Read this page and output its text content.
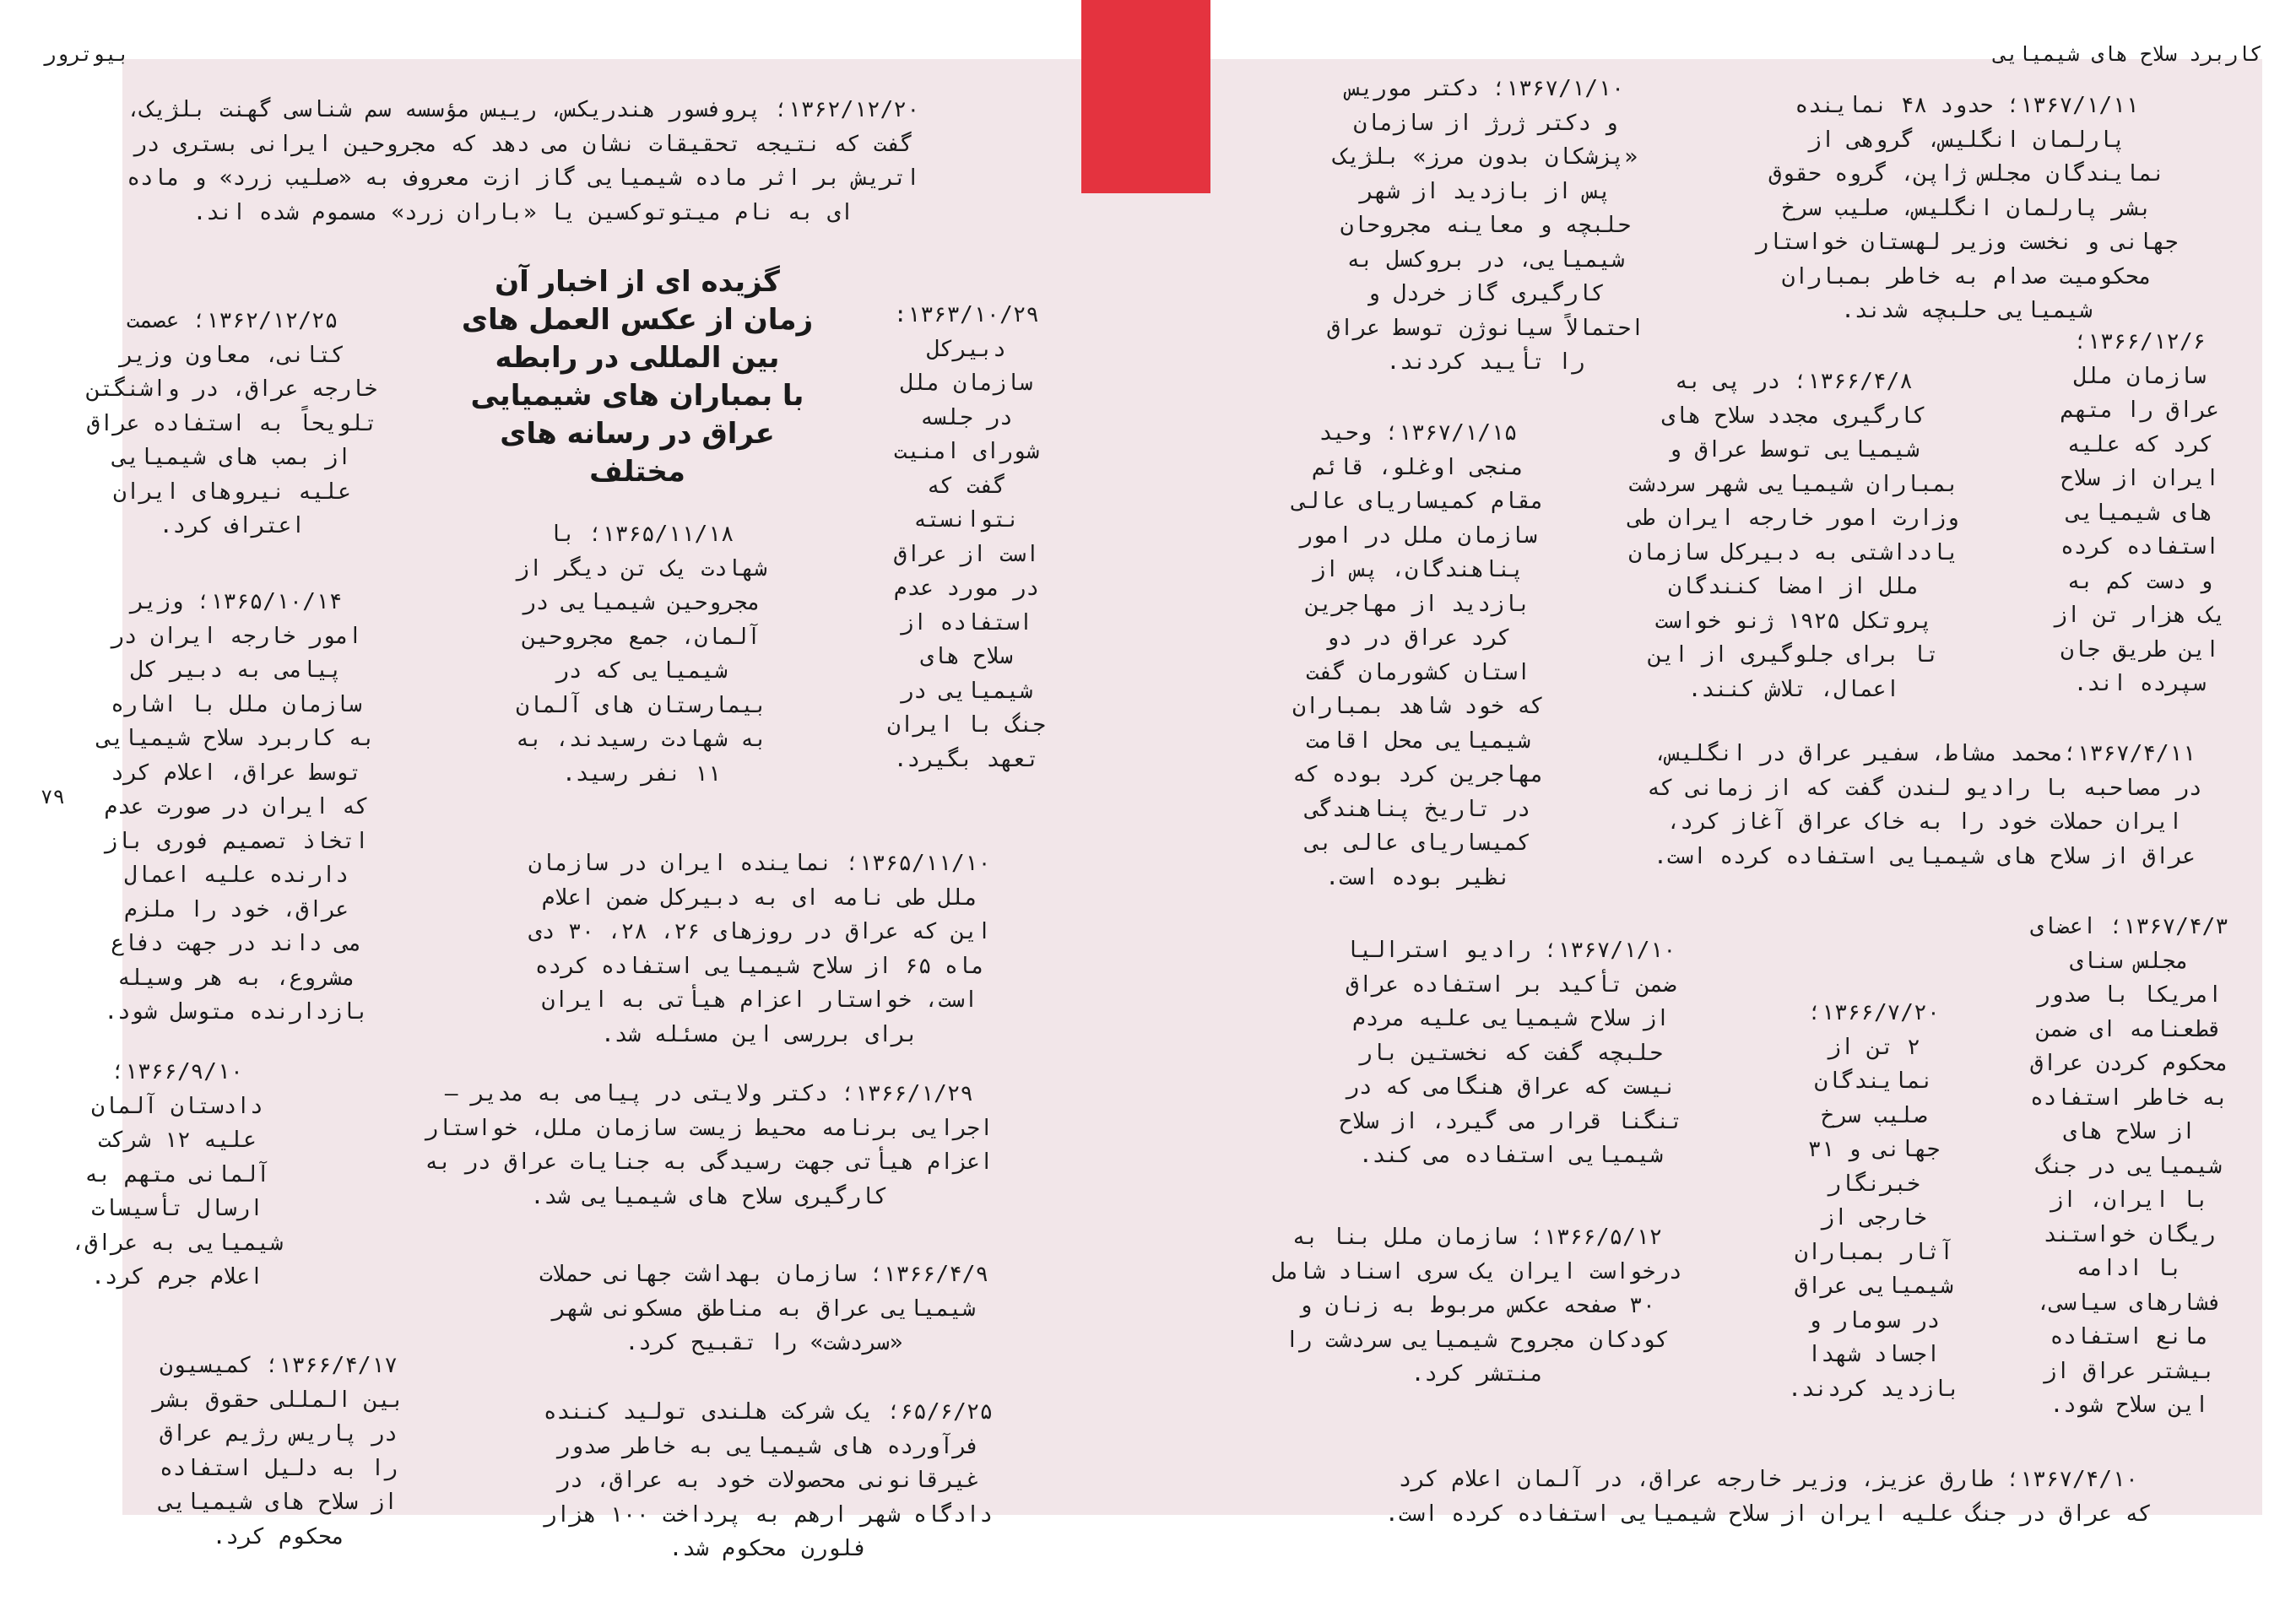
بیوترور	کاربرد سلاح های شیمیایی
۷۹
۱۳۶۲/۱۲/۲۰؛ پروفسور هندریکس، رییس مؤسسه سم شناسی گهنت بلژیک،
گفت که نتیجه تحقیقات نشان می دهد که مجروحین ایرانی بستری در
اتریش بر اثر ماده شیمیایی گاز ازت معروف به «صلیب زرد» و ماده
ای به نام میتوتوکسین یا «باران زرد» مسموم شده اند.
۱۳۶۲/۱۲/۲۵؛ عصمت
کتانی، معاون وزیر
خارجه عراق، در واشنگتن
تلویحاً به استفاده عراق
از بمب های شیمیایی
علیه نیروهای ایران
اعتراف کرد.
۱۳۶۵/۱۰/۱۴؛ وزیر
امور خارجه ایران در
پیامی به دبیر کل
سازمان ملل با اشاره
به کاربرد سلاح شیمیایی
توسط عراق، اعلام کرد
که ایران در صورت عدم
اتخاذ تصمیم فوری باز
دارنده علیه اعمال
عراق، خود را ملزم
می داند در جهت دفاع
مشروع، به هر وسیله
بازدارنده متوسل شود.
۱۳۶۶/۹/۱۰؛
دادستان آلمان
علیه ۱۲ شرکت
آلمانی متهم به
ارسال تأسیسات
شیمیایی به عراق،
اعلام جرم کرد.
۱۳۶۶/۴/۱۷؛ کمیسیون
بین المللی حقوق بشر
در پاریس رژیم عراق
را به دلیل استفاده
از سلاح های شیمیایی
محکوم کرد.
۱۳۶۳/۱۰/۲۹:
دبیرکل
سازمان ملل
در جلسه
شورای امنیت
گفت که
نتوانسته
است از عراق
در مورد عدم
استفاده از
سلاح های
شیمیایی در
جنگ با ایران
تعهد بگیرد.
گزیده ای از اخبار آن
زمان از عکس العمل های
بین المللی در رابطه
با بمباران های شیمیایی
عراق در رسانه های
مختلف
۱۳۶۵/۱۱/۱۸؛ با
شهادت یک تن دیگر از
مجروحین شیمیایی در
آلمان، جمع مجروحین
شیمیایی که در
بیمارستان های آلمان
به شهادت رسیدند، به
۱۱ نفر رسید.
۱۳۶۵/۱۱/۱۰؛ نماینده ایران در سازمان
ملل طی نامه ای به دبیرکل ضمن اعلام
این که عراق در روزهای ۲۶، ۲۸، ۳۰ دی
ماه ۶۵ از سلاح شیمیایی استفاده کرده
است، خواستار اعزام هیأتی به ایران
برای بررسی این مسئله شد.
۱۳۶۶/۱/۲۹؛ دکتر ولایتی در پیامی به مدیر –
اجرایی برنامه محیط زیست سازمان ملل، خواستار
اعزام هیأتی جهت رسیدگی به جنایات عراق در به
کارگیری سلاح های شیمیایی شد.
۱۳۶۶/۴/۹؛ سازمان بهداشت جهانی حملات
شیمیایی عراق به مناطق مسکونی شهر
«سردشت» را تقبیح کرد.
۶۵/۶/۲۵؛ یک شرکت هلندی تولید کننده
فرآورده های شیمیایی به خاطر صدور
غیرقانونی محصولات خود به عراق، در
دادگاه شهر ارهم به پرداخت ۱۰۰ هزار
فلورن محکوم شد.
۱۳۶۷/۱/۱۰؛ دکتر موریس
و دکتر ژرژ از سازمان
«پزشکان بدون مرز» بلژیک
پس از بازدید از شهر
حلبچه و معاینه مجروحان
شیمیایی، در بروکسل به
کارگیری گاز خردل و
احتمالاً سیانوژن توسط عراق
را تأیید کردند.
۱۳۶۷/۱/۱۱؛ حدود ۴۸ نماینده
پارلمان انگلیس، گروهی از
نمایندگان مجلس ژاپن، گروه حقوق
بشر پارلمان انگلیس، صلیب سرخ
جهانی و نخست وزیر لهستان خواستار
محکومیت صدام به خاطر بمباران
شیمیایی حلبچه شدند.
۱۳۶۶/۱۲/۶؛
سازمان ملل
عراق را متهم
کرد که علیه
ایران از سلاح
های شیمیایی
استفاده کرده
و دست کم به
یک هزار تن از
این طریق جان
سپرده اند.
۱۳۶۶/۴/۸؛ در پی به
کارگیری مجدد سلاح های
شیمیایی توسط عراق و
بمباران شیمیایی شهر سردشت
وزارت امور خارجه ایران طی
یادداشتی به دبیرکل سازمان
ملل از امضا کنندگان
پروتکل ۱۹۲۵ ژنو خواست
تا برای جلوگیری از این
اعمال، تلاش کنند.
۱۳۶۷/۱/۱۵؛ وحید
منجی اوغلو، قائم
مقام کمیساریای عالی
سازمان ملل در امور
پناهندگان، پس از
بازدید از مهاجرین
کرد عراق در دو
استان کشورمان گفت
که خود شاهد بمباران
شیمیایی محل اقامت
مهاجرین کرد بوده که
در تاریخ پناهندگی
کمیساریای عالی بی
نظیر بوده است.
۱۳۶۷/۴/۱۱؛محمد مشاط، سفیر عراق در انگلیس،
در مصاحبه با رادیو لندن گفت که از زمانی که
ایران حملات خود را به خاک عراق آغاز کرد،
عراق از سلاح های شیمیایی استفاده کرده است.
۱۳۶۷/۱/۱۰؛ رادیو استرالیا
ضمن تأکید بر استفاده عراق
از سلاح شیمیایی علیه مردم
حلبچه گفت که نخستین بار
نیست که عراق هنگامی که در
تنگنا قرار می گیرد، از سلاح
شیمیایی استفاده می کند.
۱۳۶۶/۷/۲۰؛
۲ تن از
نمایندگان
صلیب سرخ
جهانی و ۳۱
خبرنگار
خارجی از
آثار بمباران
شیمیایی عراق
در سومار و
اجساد شهدا
بازدید کردند.
۱۳۶۷/۴/۳؛ اعضای
مجلس سنای
امریکا با صدور
قطعنامه ای ضمن
محکوم کردن عراق
به خاطر استفاده
از سلاح های
شیمیایی در جنگ
با ایران، از
ریگان خواستند
با ادامه
فشارهای سیاسی،
مانع استفاده
بیشتر عراق از
این سلاح شود.
۱۳۶۶/۵/۱۲؛ سازمان ملل بنا به
درخواست ایران یک سری اسناد شامل
۳۰ صفحه عکس مربوط به زنان و
کودکان مجروح شیمیایی سردشت را
منتشر کرد.
۱۳۶۷/۴/۱۰؛ طارق عزیز، وزیر خارجه عراق، در آلمان اعلام کرد
که عراق در جنگ علیه ایران از سلاح شیمیایی استفاده کرده است.
